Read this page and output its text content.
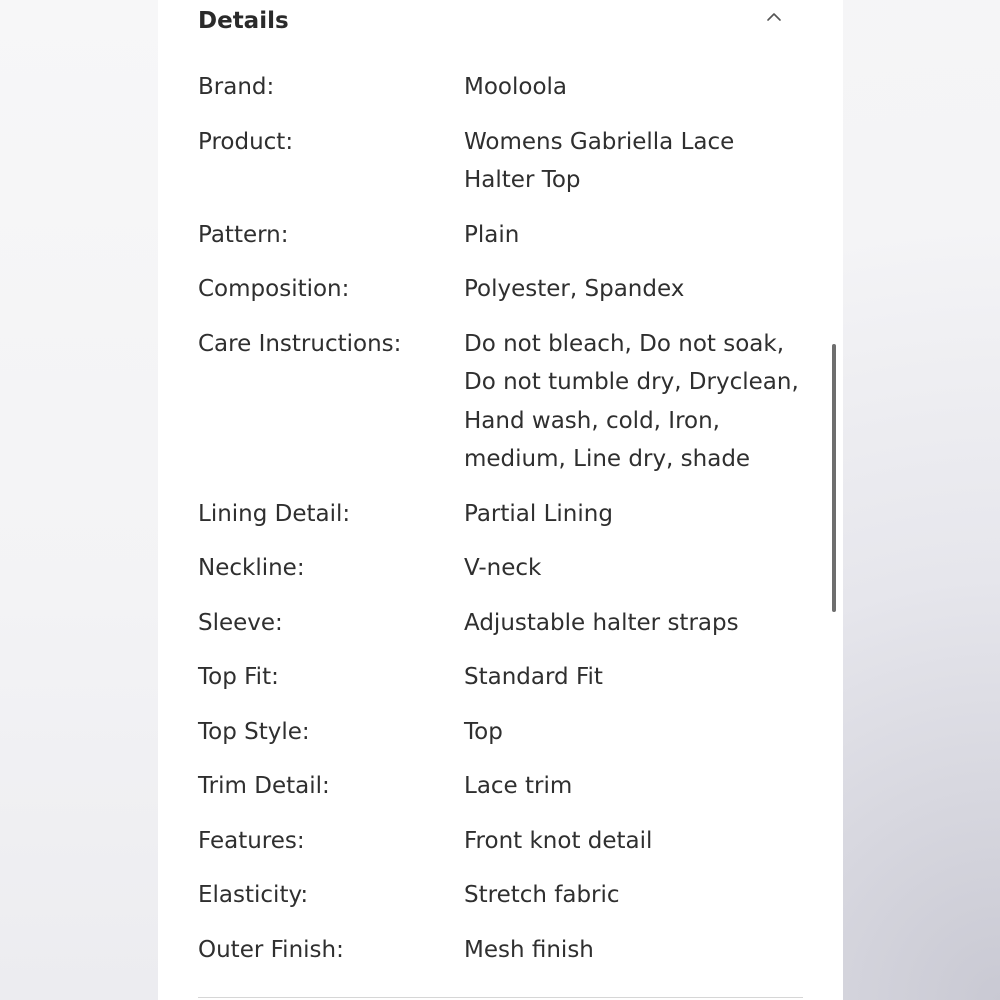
Details
Brand:	Mooloola
Product:	Womens Gabriella Lace Halter Top
Pattern:	Plain
Composition:	Polyester, Spandex
Care Instructions:	Do not bleach, Do not soak, Do not tumble dry, Dryclean, Hand wash, cold, Iron, medium, Line dry, shade
Lining Detail:	Partial Lining
Neckline:	V-neck
Sleeve:	Adjustable halter straps
Top Fit:	Standard Fit
Top Style:	Top
Trim Detail:	Lace trim
Features:	Front knot detail
Elasticity:	Stretch fabric
Outer Finish:	Mesh finish
